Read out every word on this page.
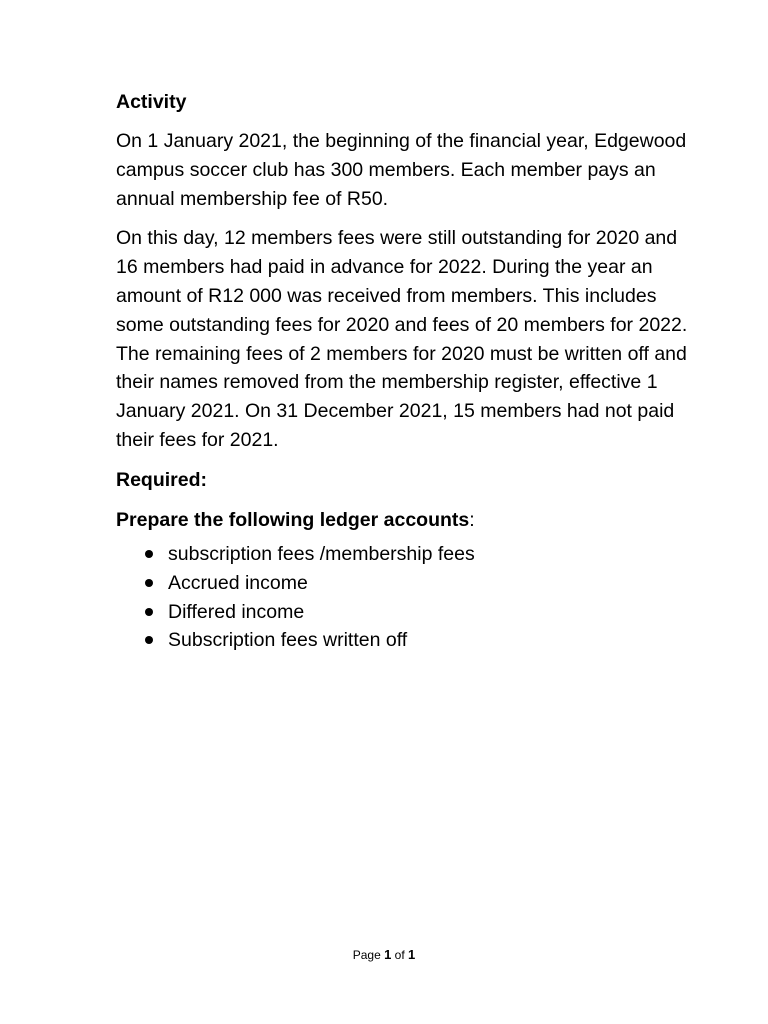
Activity

On 1 January 2021, the beginning of the financial year, Edgewood campus soccer club has 300 members. Each member pays an annual membership fee of R50.

On this day, 12 members fees were still outstanding for 2020 and 16 members had paid in advance for 2022. During the year an amount of R12 000 was received from members. This includes some outstanding fees for 2020 and fees of 20 members for 2022. The remaining fees of 2 members for 2020 must be written off and their names removed from the membership register, effective 1 January 2021. On 31 December 2021, 15 members had not paid their fees for 2021.

Required:
Prepare the following ledger accounts:
subscription fees /membership fees
Accrued income
Differed income
Subscription fees written off
Page 1 of 1
